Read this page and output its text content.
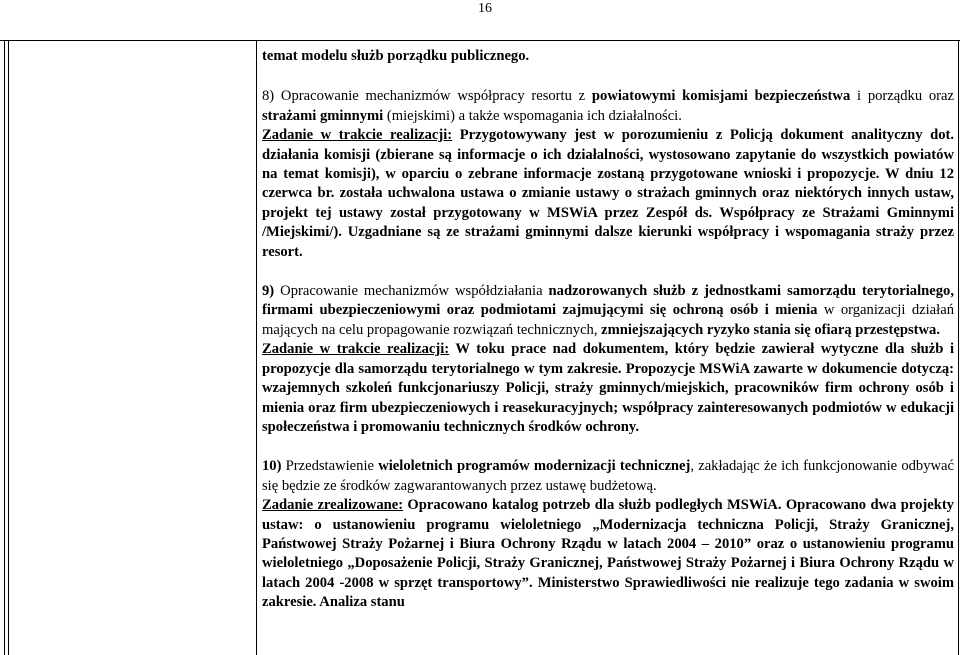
16

temat modelu służb porządku publicznego.

8) Opracowanie mechanizmów współpracy resortu z powiatowymi komisjami bezpieczeństwa i porządku oraz strażami gminnymi (miejskimi) a także wspomagania ich działalności.
Zadanie w trakcie realizacji: Przygotowywany jest w porozumieniu z Policją dokument analityczny dot. działania komisji (zbierane są informacje o ich działalności, wystosowano zapytanie do wszystkich powiatów na temat komisji), w oparciu o zebrane informacje zostaną przygotowane wnioski i propozycje. W dniu 12 czerwca br. została uchwalona ustawa o zmianie ustawy o strażach gminnych oraz niektórych innych ustaw, projekt tej ustawy został przygotowany w MSWiA przez Zespół ds. Współpracy ze Strażami Gminnymi /Miejskimi/). Uzgadniane są ze strażami gminnymi dalsze kierunki współpracy i wspomagania straży przez resort.

9) Opracowanie mechanizmów współdziałania nadzorowanych służb z jednostkami samorządu terytorialnego, firmami ubezpieczeniowymi oraz podmiotami zajmującymi się ochroną osób i mienia w organizacji działań mających na celu propagowanie rozwiązań technicznych, zmniejszających ryzyko stania się ofiarą przestępstwa.
Zadanie w trakcie realizacji: W toku prace nad dokumentem, który będzie zawierał wytyczne dla służb i propozycje dla samorządu terytorialnego w tym zakresie. Propozycje MSWiA zawarte w dokumencie dotyczą: wzajemnych szkoleń funkcjonariuszy Policji, straży gminnych/miejskich, pracowników firm ochrony osób i mienia oraz firm ubezpieczeniowych i reasekuracyjnych; współpracy zainteresowanych podmiotów w edukacji społeczeństwa i promowaniu technicznych środków ochrony.

10) Przedstawienie wieloletnich programów modernizacji technicznej, zakładając że ich funkcjonowanie odbywać się będzie ze środków zagwarantowanych przez ustawę budżetową.
Zadanie zrealizowane: Opracowano katalog potrzeb dla służb podległych MSWiA. Opracowano dwa projekty ustaw: o ustanowieniu programu wieloletniego „Modernizacja techniczna Policji, Straży Granicznej, Państwowej Straży Pożarnej i Biura Ochrony Rządu w latach 2004 – 2010” oraz o ustanowieniu programu wieloletniego „Doposażenie Policji, Straży Granicznej, Państwowej Straży Pożarnej i Biura Ochrony Rządu w latach 2004 -2008 w sprzęt transportowy”. Ministerstwo Sprawiedliwości nie realizuje tego zadania w swoim zakresie. Analiza stanu
